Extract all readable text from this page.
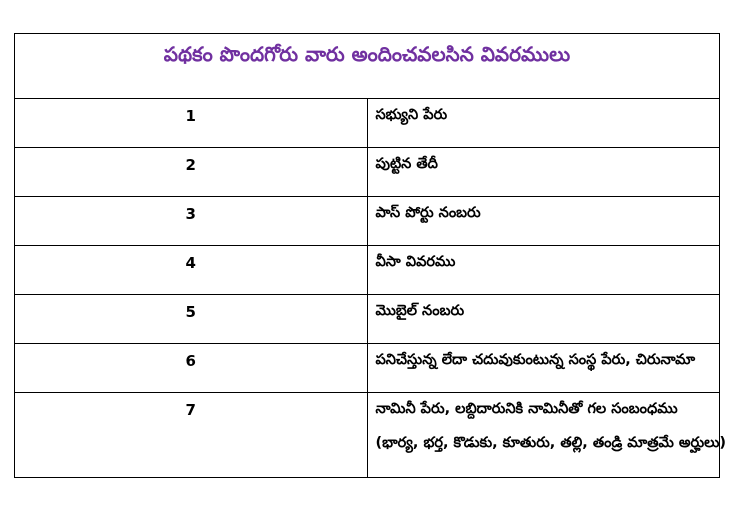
పథకం పొందగోరు వారు అందించవలసిన వివరములు	

1	సభ్యుని పేరు

2	పుట్టిన తేదీ

3	పాస్ పోర్టు నంబరు

4	వీసా వివరము

5	మొబైల్ నంబరు

6	పనిచేస్తున్న లేదా చదువుకుంటున్న సంస్థ పేరు, చిరునామా

7	నామినీ పేరు, లబ్దిదారునికి నామినీతో గల సంబంధము
(భార్య, భర్త, కొడుకు, కూతురు, తల్లి, తండ్రి మాత్రమే అర్హులు)
